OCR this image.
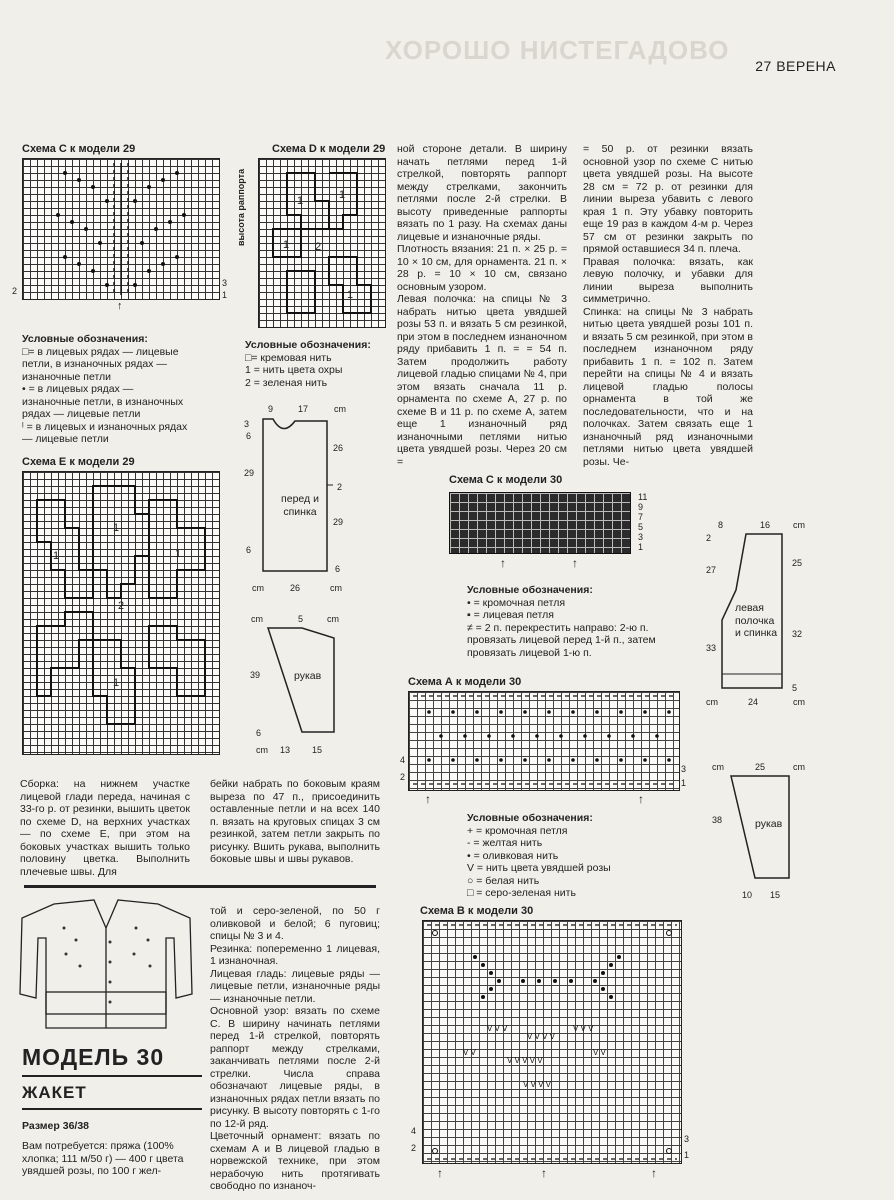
ХОРОШО НИСТЕГАДОВО
27 ВЕРЕНА
Схема С к модели 29
высота раппорта
3
1
2
↑
Условные обозначения:
□= в лицевых рядах — лицевые петли, в изнаночных рядах — изнаночные петли
• = в лицевых рядах — изнаночные петли, в изнаночных рядах — лицевые петли
ˡ = в лицевых и изнаночных рядах — лицевые петли
Схема D к модели 29
1	1
2
1
1
Условные обозначения:
□= кремовая нить
1 = нить цвета охры
2 = зеленая нить
9	17	cm
3
6
29
6
26
2
29
6
перед и спинка
cm	26	cm
cm	5	cm
39
6
рукав
cm 13 15
Схема Е к модели 29
1
1
2
1
1
Сборка: на нижнем участке лицевой глади переда, начиная с 33-го р. от резинки, вышить цветок по схеме D, на верхних участках — по схеме Е, при этом на боковых участках вышить только половину цветка. Выполнить плечевые швы. Для
бейки набрать по боковым краям выреза по 47 п., присоединить оставленные петли и на всех 140 п. вязать на круговых спицах 3 см резинкой, затем петли закрыть по рисунку. Вшить рукава, выполнить боковые швы и швы рукавов.
МОДЕЛЬ 30
ЖАКЕТ
Размер 36/38
Вам потребуется: пряжа (100% хлопка; 111 м/50 г) — 400 г цвета увядшей розы, по 100 г жел-

той и серо-зеленой, по 50 г оливковой и белой; 6 пуговиц; спицы № 3 и 4.

Резинка: попеременно 1 лицевая, 1 изнаночная.

Лицевая гладь: лицевые ряды — лицевые петли, изнаночные ряды — изнаночные петли.

Основной узор: вязать по схеме С. В ширину начинать петлями перед 1-й стрелкой, повторять раппорт между стрелками, заканчивать петлями после 2-й стрелки. Числа справа обозначают лицевые ряды, в изнаночных рядах петли вязать по рисунку. В высоту повторять с 1-го по 12-й ряд.

Цветочный орнамент: вязать по схемам А и В лицевой гладью в норвежской технике, при этом нерабочую нить протягивать свободно по изнаноч-

ной стороне детали. В ширину начать петлями перед 1-й стрелкой, повторять раппорт между стрелками, закончить петлями после 2-й стрелки. В высоту приведенные раппорты вязать по 1 разу. На схемах даны лицевые и изнаночные ряды.

Плотность вязания: 21 п. × 25 р. = 10 × 10 см, для орнамента. 21 п. × 28 р. = 10 × 10 см, связано основным узором.

Левая полочка: на спицы № 3 набрать нитью цвета увядшей розы 53 п. и вязать 5 см резинкой, при этом в последнем изнаночном ряду прибавить 1 п. = = 54 п. Затем продолжить работу лицевой гладью спицами № 4, при этом вязать сначала 11 р. орнамента по схеме А, 27 р. по схеме В и 11 р. по схеме А, затем еще 1 изнаночный ряд изнаночными петлями нитью цвета увядшей розы. Через 20 см =

= 50 р. от резинки вязать основной узор по схеме С нитью цвета увядшей розы. На высоте 28 см = 72 р. от резинки для линии выреза убавить с левого края 1 п. Эту убавку повторить еще 19 раз в каждом 4-м р. Через 57 см от резинки закрыть по прямой оставшиеся 34 п. плеча.

Правая полочка: вязать, как левую полочку, и убавки для линии выреза выполнить симметрично.

Спинка: на спицы № 3 набрать нитью цвета увядшей розы 101 п. и вязать 5 см резинкой, при этом в последнем изнаночном ряду прибавить 1 п. = 102 п. Затем перейти на спицы № 4 и вязать лицевой гладью полосы орнамента в той же последовательности, что и на полочках. Затем связать еще 1 изнаночный ряд изнаночными петлями нитью цвета увядшей розы. Че-

Схема С к модели 30
11
9
7
5
3
1
↑	↑
Условные обозначения:
• = кромочная петля
▪ = лицевая петля
≠ = 2 п. перекрестить направо: 2-ю п. провязать лицевой перед 1-й п., затем провязать лицевой 1-ю п.
8	16	cm
2
27
33
25
32
5
левая полочка и спинка
cm	24	cm
Схема А к модели 30
4
2
3
1
↑	↑
Условные обозначения:
+ = кромочная петля
- = желтая нить
• = оливковая нить
V = нить цвета увядшей розы
○ = белая нить
□ = серо-зеленая нить
cm	25	cm
38	рукав
10 15
Схема В к модели 30
V V V
V V V V
V V V
V V
V V V V V
V V
V V V V
4
2
3
1
↑	↑	↑
